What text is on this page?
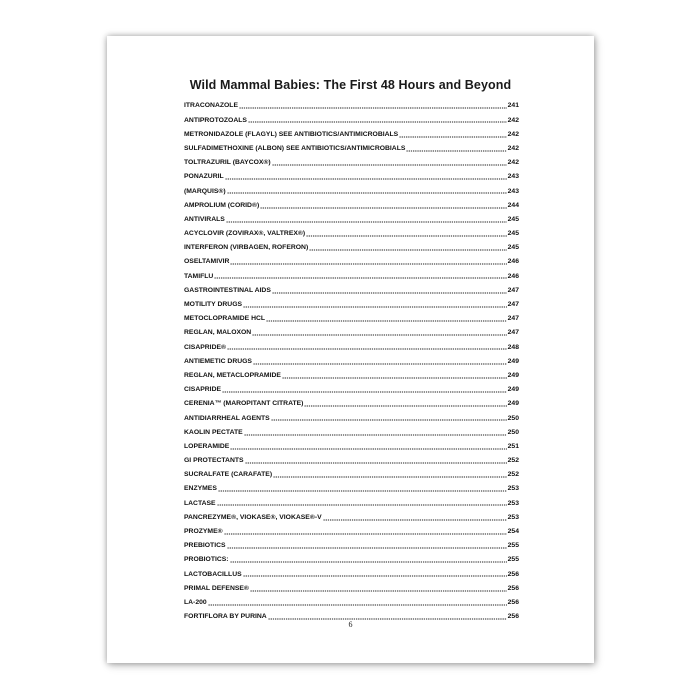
Wild Mammal Babies: The First 48 Hours and Beyond
ITRACONAZOLE	241
ANTIPROTOZOALS	242
METRONIDAZOLE (FLAGYL) SEE ANTIBIOTICS/ANTIMICROBIALS	242
SULFADIMETHOXINE (ALBON) SEE ANTIBIOTICS/ANTIMICROBIALS	242
TOLTRAZURIL (BAYCOX®)	242
PONAZURIL	243
(MARQUIS®)	243
AMPROLIUM (CORID®)	244
ANTIVIRALS	245
ACYCLOVIR (ZOVIRAX®, VALTREX®)	245
INTERFERON (VIRBAGEN, ROFERON)	245
OSELTAMIVIR	246
TAMIFLU	246
GASTROINTESTINAL AIDS	247
MOTILITY DRUGS	247
METOCLOPRAMIDE HCL	247
REGLAN, MALOXON	247
CISAPRIDE®	248
ANTIEMETIC DRUGS	249
REGLAN, METACLOPRAMIDE	249
CISAPRIDE	249
CERENIA™ (MAROPITANT CITRATE)	249
ANTIDIARRHEAL AGENTS	250
KAOLIN PECTATE	250
LOPERAMIDE	251
GI PROTECTANTS	252
SUCRALFATE (CARAFATE)	252
ENZYMES	253
LACTASE	253
PANCREZYME®, VIOKASE®, VIOKASE®-V	253
PROZYME®	254
PREBIOTICS	255
PROBIOTICS:	255
LACTOBACILLUS	256
PRIMAL DEFENSE®	256
LA-200	256
FORTIFLORA BY PURINA	256
6
